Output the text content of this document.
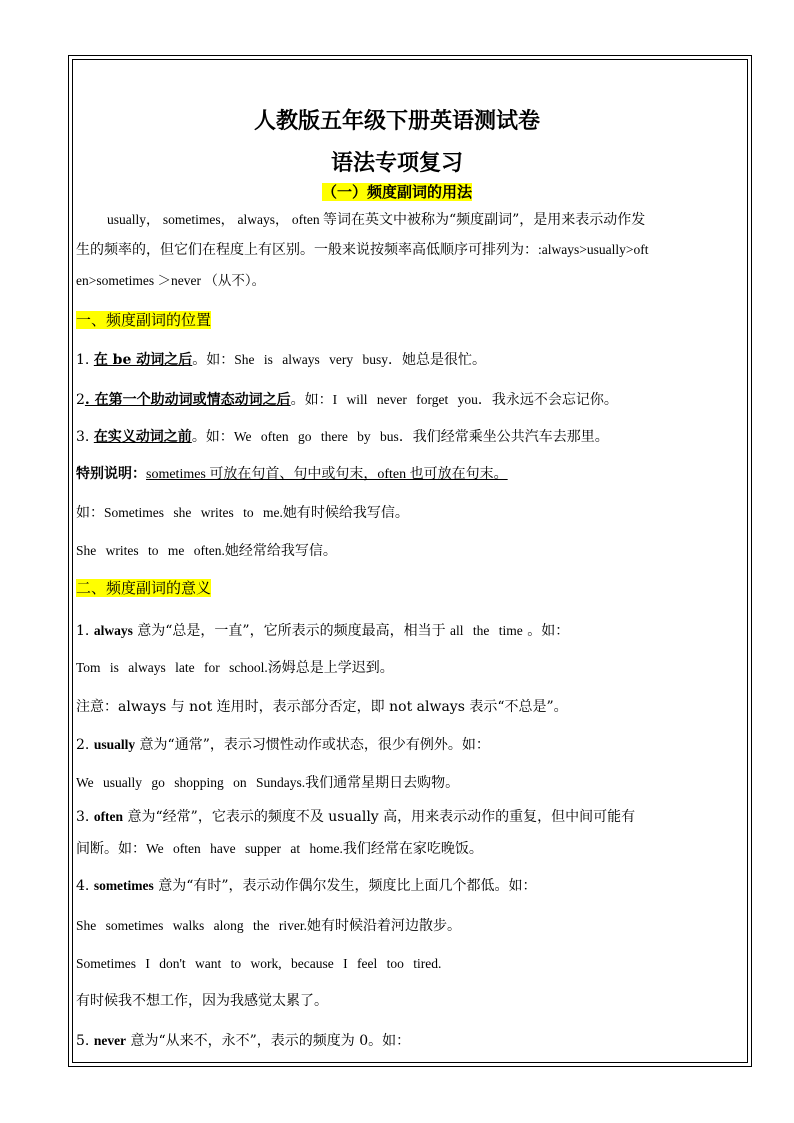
人教版五年级下册英语测试卷
语法专项复习
（一）频度副词的用法
usually， sometimes， always， often 等词在英文中被称为“频度副词”，是用来表示动作发
生的频率的，但它们在程度上有区别。一般来说按频率高低顺序可排列为：:always>usually>oft
en>sometimes ＞never （从不）。
一、频度副词的位置
1. 在 be 动词之后。如：She is always very busy．她总是很忙。
2. 在第一个助动词或情态动词之后。如：I will never forget you．我永远不会忘记你。
3. 在实义动词之前。如：We often go there by bus．我们经常乘坐公共汽车去那里。
特别说明：sometimes 可放在句首、句中或句末，often 也可放在句末。
如：Sometimes she writes to me.她有时候给我写信。
She writes to me often.她经常给我写信。
二、频度副词的意义
1. always 意为“总是，一直”，它所表示的频度最高，相当于 all the time 。如：
Tom is always late for school.汤姆总是上学迟到。
注意：always 与 not 连用时，表示部分否定，即 not always 表示“不总是”。
2. usually 意为“通常”，表示习惯性动作或状态，很少有例外。如：
We usually go shopping on Sundays.我们通常星期日去购物。
3. often 意为“经常”，它表示的频度不及 usually 高，用来表示动作的重复，但中间可能有
间断。如：We often have supper at home.我们经常在家吃晚饭。
4. sometimes 意为“有时”，表示动作偶尔发生，频度比上面几个都低。如：
She sometimes walks along the river.她有时候沿着河边散步。
Sometimes I don't want to work, because I feel too tired.
有时候我不想工作，因为我感觉太累了。
5. never 意为“从来不，永不”，表示的频度为 0。如：
